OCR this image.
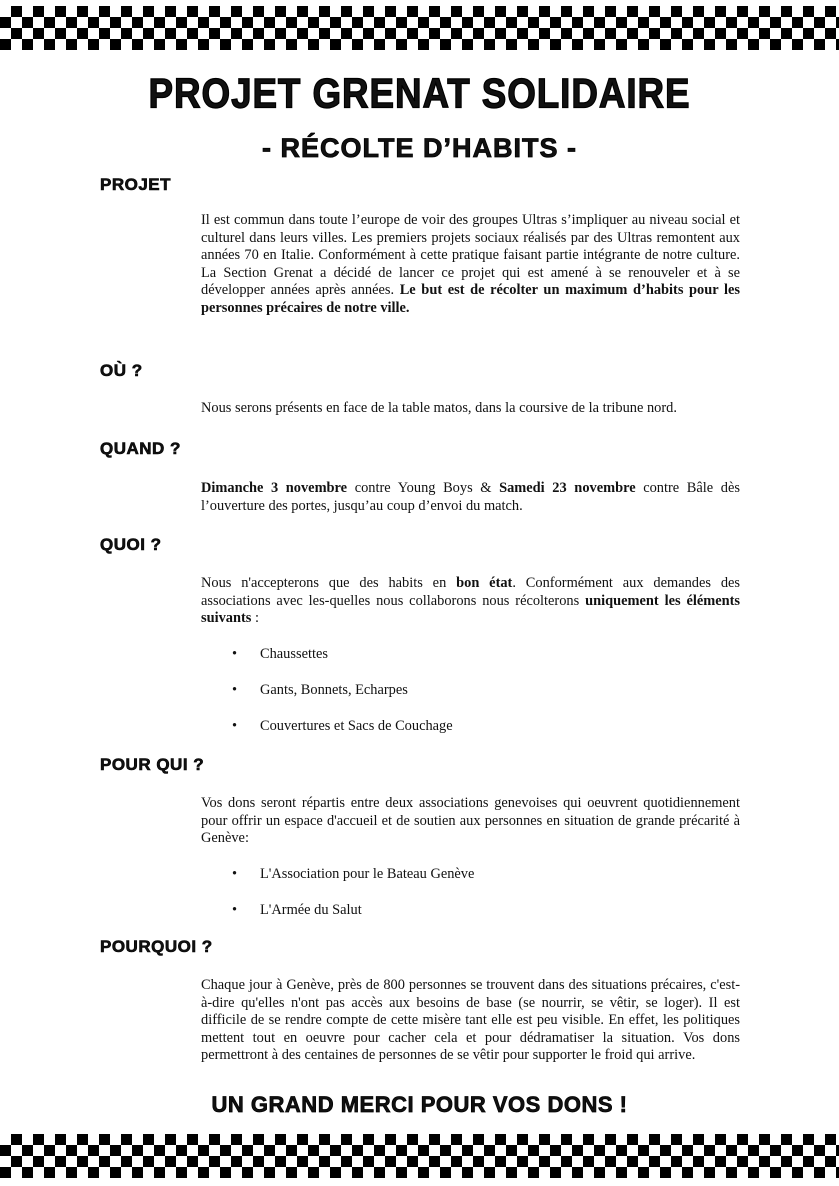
PROJET GRENAT SOLIDAIRE
- RÉCOLTE D’HABITS -
PROJET
Il est commun dans toute l’europe de voir des groupes Ultras s’impliquer au niveau social et culturel dans leurs villes. Les premiers projets sociaux réalisés par des Ultras remontent aux années 70 en Italie. Conformément à cette pratique faisant partie intégrante de notre culture. La Section Grenat a décidé de lancer ce projet qui est amené à se renouveler et à se développer années après années. Le but est de récolter un maximum d’habits pour les personnes précaires de notre ville.
OÙ ?
Nous serons présents en face de la table matos, dans la coursive de la tribune nord.
QUAND ?
Dimanche 3 novembre contre Young Boys & Samedi 23 novembre contre Bâle dès l’ouverture des portes, jusqu’au coup d’envoi du match.
QUOI ?
Nous n'accepterons que des habits en bon état. Conformément aux demandes des associations avec les-quelles nous collaborons nous récolterons uniquement les éléments suivants :
• Chaussettes
• Gants, Bonnets, Echarpes
• Couvertures et Sacs de Couchage
POUR QUI ?
Vos dons seront répartis entre deux associations genevoises qui oeuvrent quotidiennement pour offrir un espace d'accueil et de soutien aux personnes en situation de grande précarité à Genève:
• L'Association pour le Bateau Genève
• L'Armée du Salut
POURQUOI ?
Chaque jour à Genève, près de 800 personnes se trouvent dans des situations précaires, c'est-à-dire qu'elles n'ont pas accès aux besoins de base (se nourrir, se vêtir, se loger). Il est difficile de se rendre compte de cette misère tant elle est peu visible. En effet, les politiques mettent tout en oeuvre pour cacher cela et pour dédramatiser la situation. Vos dons permettront à des centaines de personnes de se vêtir pour supporter le froid qui arrive.
UN GRAND MERCI POUR VOS DONS !
